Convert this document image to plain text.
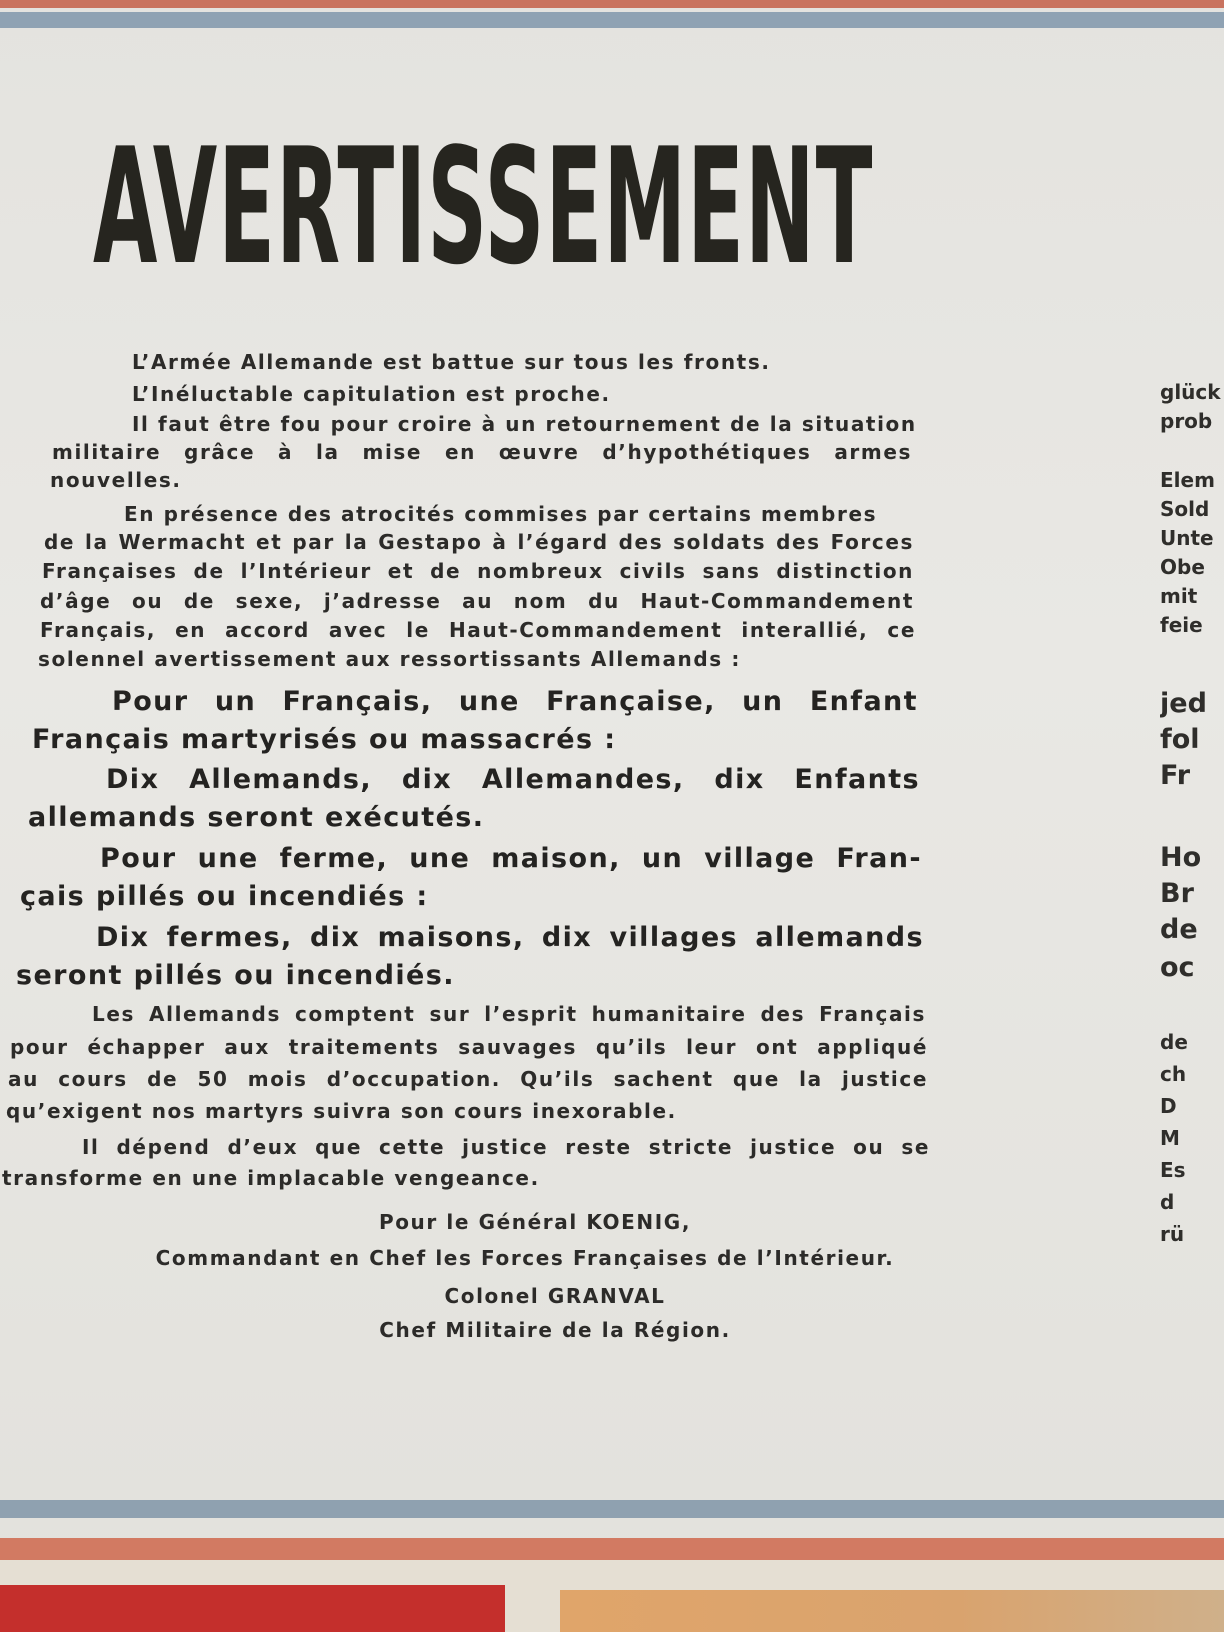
AVERTISSEMENT

L’Armée Allemande est battue sur tous les fronts.

L’Inéluctable capitulation est proche.

Il faut être fou pour croire à un retournement de la situation

militaire grâce à la mise en œuvre d’hypothétiques armes

nouvelles.

En présence des atrocités commises par certains membres

de la Wermacht et par la Gestapo à l’égard des soldats des Forces

Françaises de l’Intérieur et de nombreux civils sans distinction

d’âge ou de sexe, j’adresse au nom du Haut-Commandement

Français, en accord avec le Haut-Commandement interallié, ce

solennel avertissement aux ressortissants Allemands :

Pour un Français, une Française, un Enfant

Français martyrisés ou massacrés :

Dix Allemands, dix Allemandes, dix Enfants

allemands seront exécutés.

Pour une ferme, une maison, un village Fran-

çais pillés ou incendiés :

Dix fermes, dix maisons, dix villages allemands

seront pillés ou incendiés.

Les Allemands comptent sur l’esprit humanitaire des Français

pour échapper aux traitements sauvages qu’ils leur ont appliqué

au cours de 50 mois d’occupation. Qu’ils sachent que la justice

qu’exigent nos martyrs suivra son cours inexorable.

Il dépend d’eux que cette justice reste stricte justice ou se

transforme en une implacable vengeance.

Pour le Général KOENIG,

Commandant en Chef les Forces Françaises de l’Intérieur.

Colonel GRANVAL

Chef Militaire de la Région.

glück
prob
Elem
Sold
Unte
Obe
mit
feie
jed
fol
Fr
Ho
Br
de
oc
de
ch
D
M
Es
d
rü
